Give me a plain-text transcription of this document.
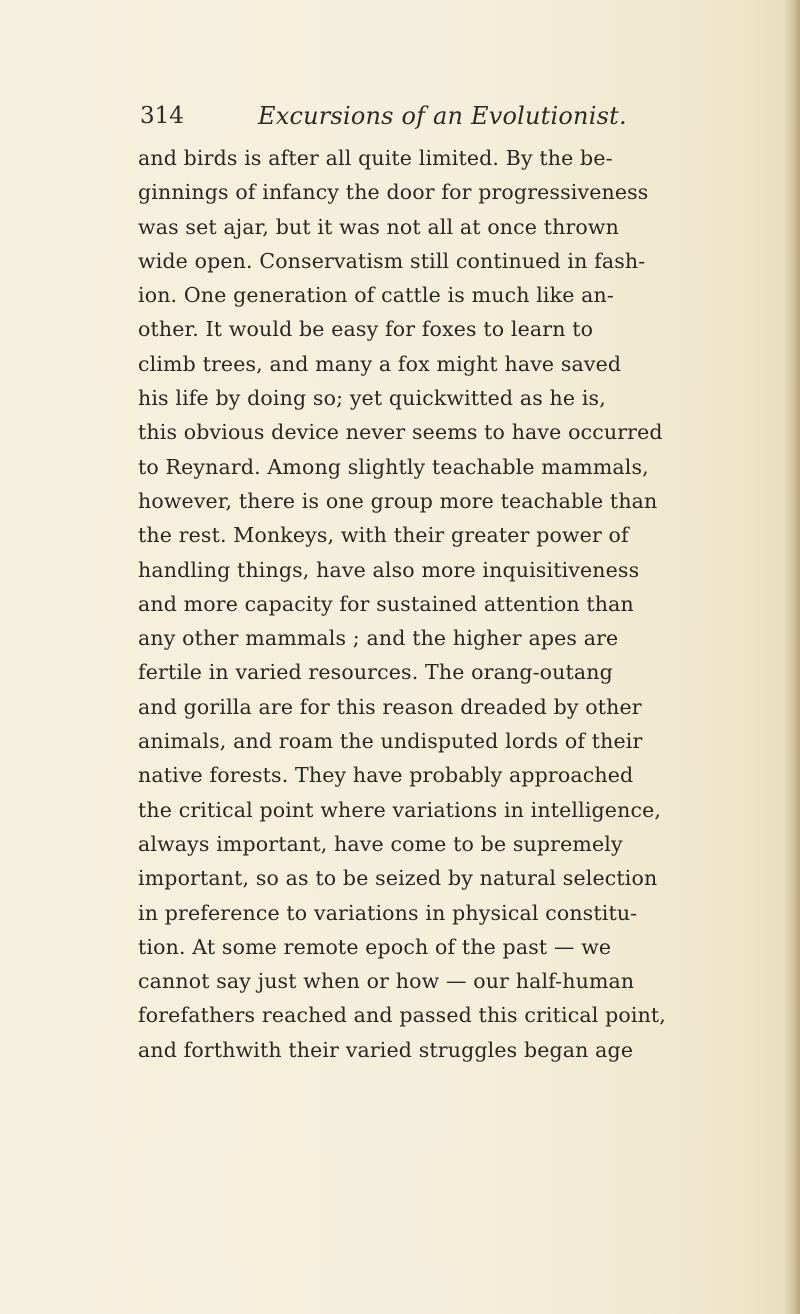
314	Excursions of an Evolutionist.
and birds is after all quite limited. By the be-
ginnings of infancy the door for progressiveness
was set ajar, but it was not all at once thrown
wide open. Conservatism still continued in fash-
ion. One generation of cattle is much like an-
other. It would be easy for foxes to learn to
climb trees, and many a fox might have saved
his life by doing so; yet quickwitted as he is,
this obvious device never seems to have occurred
to Reynard. Among slightly teachable mammals,
however, there is one group more teachable than
the rest. Monkeys, with their greater power of
handling things, have also more inquisitiveness
and more capacity for sustained attention than
any other mammals ; and the higher apes are
fertile in varied resources. The orang-outang
and gorilla are for this reason dreaded by other
animals, and roam the undisputed lords of their
native forests. They have probably approached
the critical point where variations in intelligence,
always important, have come to be supremely
important, so as to be seized by natural selection
in preference to variations in physical constitu-
tion. At some remote epoch of the past — we
cannot say just when or how — our half-human
forefathers reached and passed this critical point,
and forthwith their varied struggles began age
